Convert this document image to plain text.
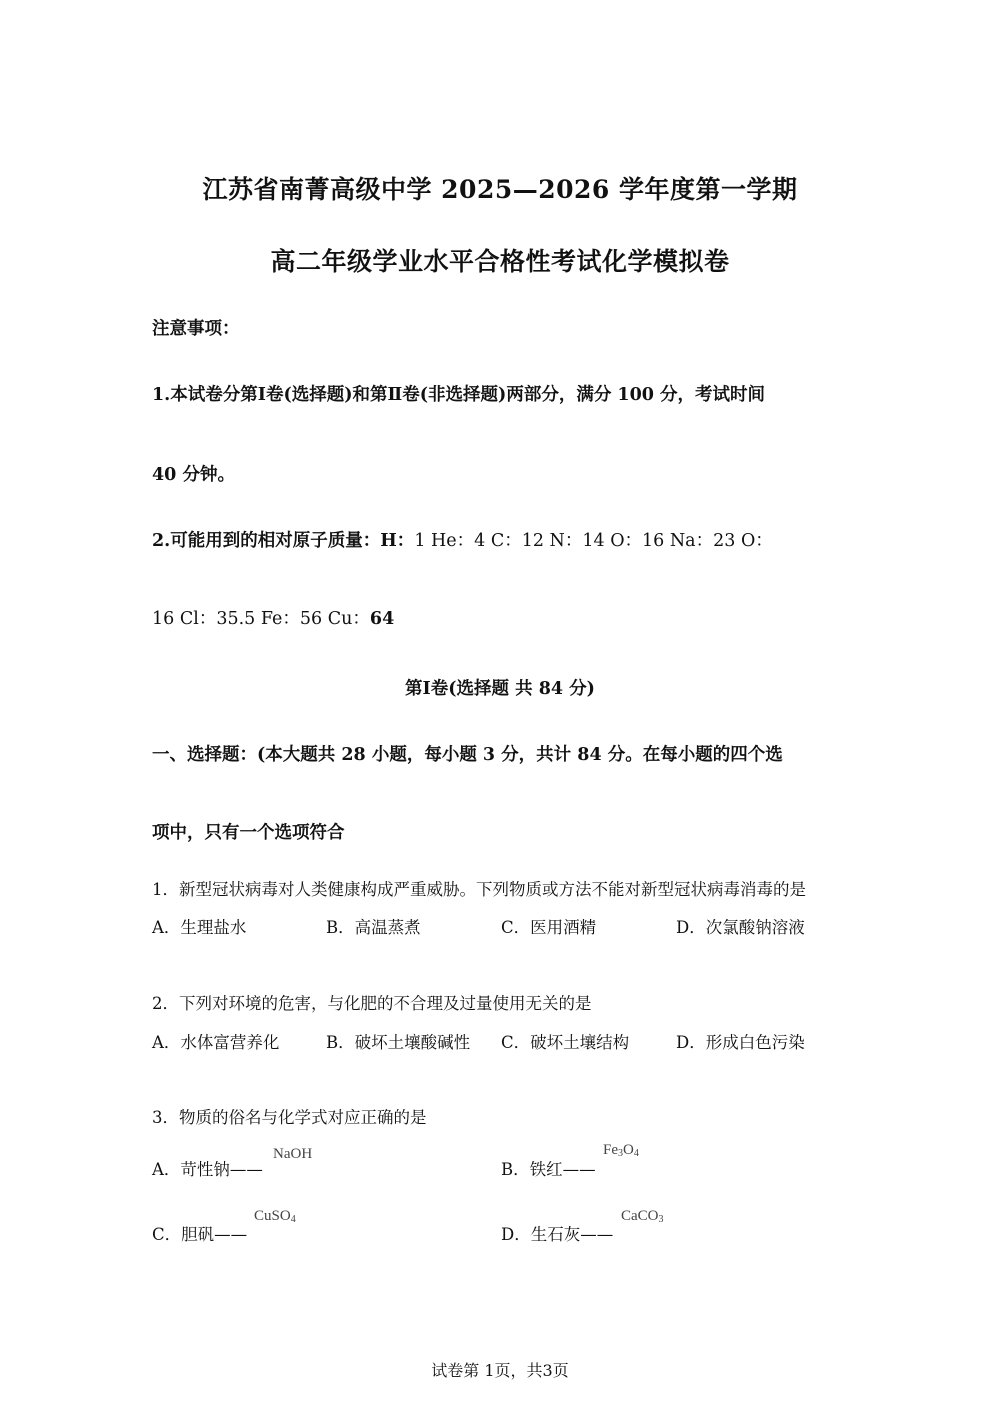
江苏省南菁高级中学 2025—2026 学年度第一学期
高二年级学业水平合格性考试化学模拟卷
注意事项：
1.本试卷分第Ⅰ卷(选择题)和第Ⅱ卷(非选择题)两部分，满分 100 分，考试时间
40 分钟。
2.可能用到的相对原子质量：H：1 He：4 C：12 N：14 O：16 Na：23 O：
16 Cl：35.5 Fe：56 Cu：64
第Ⅰ卷(选择题 共 84 分)
一、选择题：(本大题共 28 小题，每小题 3 分，共计 84 分。在每小题的四个选
项中，只有一个选项符合
1．新型冠状病毒对人类健康构成严重威胁。下列物质或方法不能对新型冠状病毒消毒的是
A．生理盐水	B．高温蒸煮	C．医用酒精	D．次氯酸钠溶液
2．下列对环境的危害，与化肥的不合理及过量使用无关的是
A．水体富营养化	B．破坏土壤酸碱性 C．破坏土壤结构	D．形成白色污染
3．物质的俗名与化学式对应正确的是
A．苛性钠——
NaOH
B．铁红——
$Fe_3O_4$
C．胆矾——
CuSO$_4$
D．生石灰——
CaCO$_3$
试卷第 1页，共3页
